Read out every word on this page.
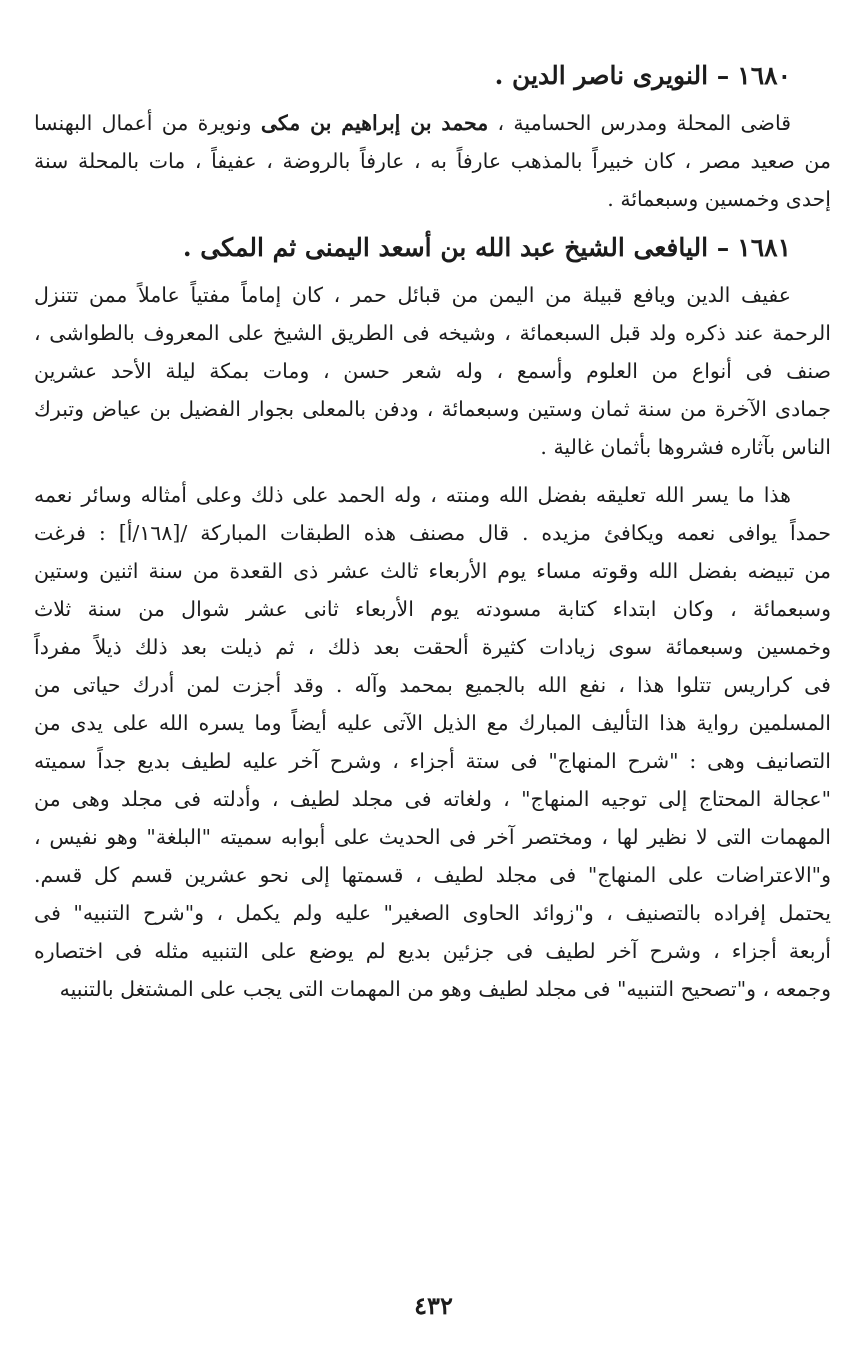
١٦٨٠– النويرى ناصر الدين .
قاضى المحلة ومدرس الحسامية ، محمد بن إبراهيم بن مكى ونويرة من أعمال البهنسا
من صعيد مصر ، كان خبيراً بالمذهب عارفاً به ، عارفاً بالروضة ، عفيفاً ، مات بالمحلة سنة
إحدى وخمسين وسبعمائة .
١٦٨١– اليافعى الشيخ عبد الله بن أسعد اليمنى ثم المكى .
عفيف الدين ويافع قبيلة من اليمن من قبائل حمر ، كان إماماً مفتياً عاملاً ممن تتنزل
الرحمة عند ذكره ولد قبل السبعمائة ، وشيخه فى الطريق الشيخ على المعروف بالطواشى ،
صنف فى أنواع من العلوم وأسمع ، وله شعر حسن ، ومات بمكة ليلة الأحد عشرين
جمادى الآخرة من سنة ثمان وستين وسبعمائة ، ودفن بالمعلى بجوار الفضيل بن عياض وتبرك
الناس بآثاره فشروها بأثمان غالية .
هذا ما يسر الله تعليقه بفضل الله ومنته ، وله الحمد على ذلك وعلى أمثاله وسائر نعمه
حمداً يوافى نعمه ويكافئ مزيده . قال مصنف هذه الطبقات المباركة /[١٦٨/أ] : فرغت
من تبيضه بفضل الله وقوته مساء يوم الأربعاء ثالث عشر ذى القعدة من سنة اثنين وستين
وسبعمائة ، وكان ابتداء كتابة مسودته يوم الأربعاء ثانى عشر شوال من سنة ثلاث
وخمسين وسبعمائة سوى زيادات كثيرة ألحقت بعد ذلك ، ثم ذيلت بعد ذلك ذيلاً مفرداً
فى كراريس تتلوا هذا ، نفع الله بالجميع بمحمد وآله . وقد أجزت لمن أدرك حياتى من
المسلمين رواية هذا التأليف المبارك مع الذيل الآتى عليه أيضاً وما يسره الله على يدى من
التصانيف وهى : "شرح المنهاج" فى ستة أجزاء ، وشرح آخر عليه لطيف بديع جداً سميته
"عجالة المحتاج إلى توجيه المنهاج" ، ولغاته فى مجلد لطيف ، وأدلته فى مجلد وهى من
المهمات التى لا نظير لها ، ومختصر آخر فى الحديث على أبوابه سميته "البلغة" وهو نفيس ،
و"الاعتراضات على المنهاج" فى مجلد لطيف ، قسمتها إلى نحو عشرين قسم كل قسم.
يحتمل إفراده بالتصنيف ، و"زوائد الحاوى الصغير" عليه ولم يكمل ، و"شرح التنبيه" فى
أربعة أجزاء ، وشرح آخر لطيف فى جزئين بديع لم يوضع على التنبيه مثله فى اختصاره
وجمعه ، و"تصحيح التنبيه" فى مجلد لطيف وهو من المهمات التى يجب على المشتغل بالتنبيه
٤٣٢
